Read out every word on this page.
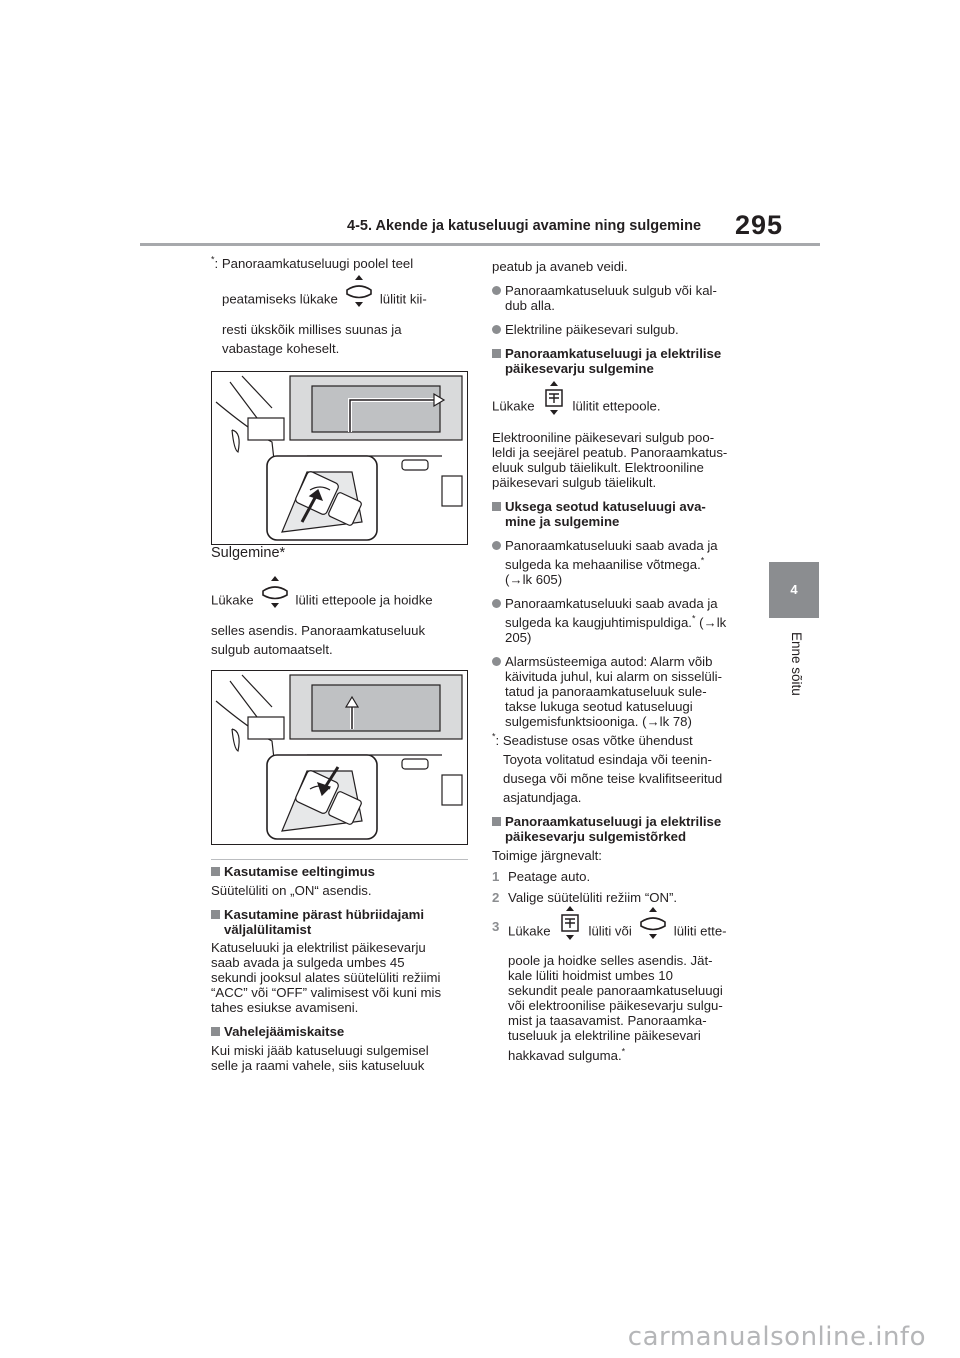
4-5. Akende ja katuseluugi avamine ning sulgemine 295
4
Enne sõitu

*: Panoraamkatuseluugi poolel teel

peatamiseks lükake	lülitit kii-

resti ükskõik millises suunas ja

vabastage koheselt.

Sulgemine*

Lükake	lüliti ettepoole ja hoidke

selles asendis. Panoraamkatuseluuk

sulgub automaatselt.

Kasutamise eeltingimus

Süütelüliti on „ON“ asendis.

Kasutamine pärast hübriidajami
väljalülitamist

Katuseluuki ja elektrilist päikesevarju

saab avada ja sulgeda umbes 45

sekundi jooksul alates süütelüliti režiimi

“ACC” või “OFF” valimisest või kuni mis

tahes esiukse avamiseni.

Vahelejäämiskaitse

Kui miski jääb katuseluugi sulgemisel

selle ja raami vahele, siis katuseluuk

peatub ja avaneb veidi.

Panoraamkatuseluuk sulgub või kal-
dub alla.

Elektriline päikesevari sulgub.

Panoraamkatuseluugi ja elektrilise
päikesevarju sulgemine

Lükake	lülitit ettepoole.

Elektrooniline päikesevari sulgub poo-

leldi ja seejärel peatub. Panoraamkatus-

eluuk sulgub täielikult. Elektrooniline

päikesevari sulgub täielikult.

Uksega seotud katuseluugi ava-
mine ja sulgemine

Panoraamkatuseluuki saab avada ja
sulgeda ka mehaanilise võtmega.*
(→lk 605)

Panoraamkatuseluuki saab avada ja
sulgeda ka kaugjuhtimispuldiga.* (→lk
205)

Alarmsüsteemiga autod: Alarm võib
käivituda juhul, kui alarm on sisselüli-
tatud ja panoraamkatuseluuk sule-
takse lukuga seotud katuseluugi
sulgemisfunktsiooniga. (→lk 78)

*: Seadistuse osas võtke ühendust

Toyota volitatud esindaja või teenin-

dusega või mõne teise kvalifitseeritud

asjatundjaga.

Panoraamkatuseluugi ja elektrilise
päikesevarju sulgemistõrked

Toimige järgnevalt:

1 Peatage auto.

2 Valige süütelüliti režiim “ON”.

3 Lükake	lüliti või	lüliti ette-

poole ja hoidke selles asendis. Jät-

kale lüliti hoidmist umbes 10

sekundit peale panoraamkatuseluugi

või elektroonilise päikesevarju sulgu-

mist ja taasavamist. Panoraamka-

tuseluuk ja elektriline päikesevari

hakkavad sulguma.*

carmanualsonline.info
